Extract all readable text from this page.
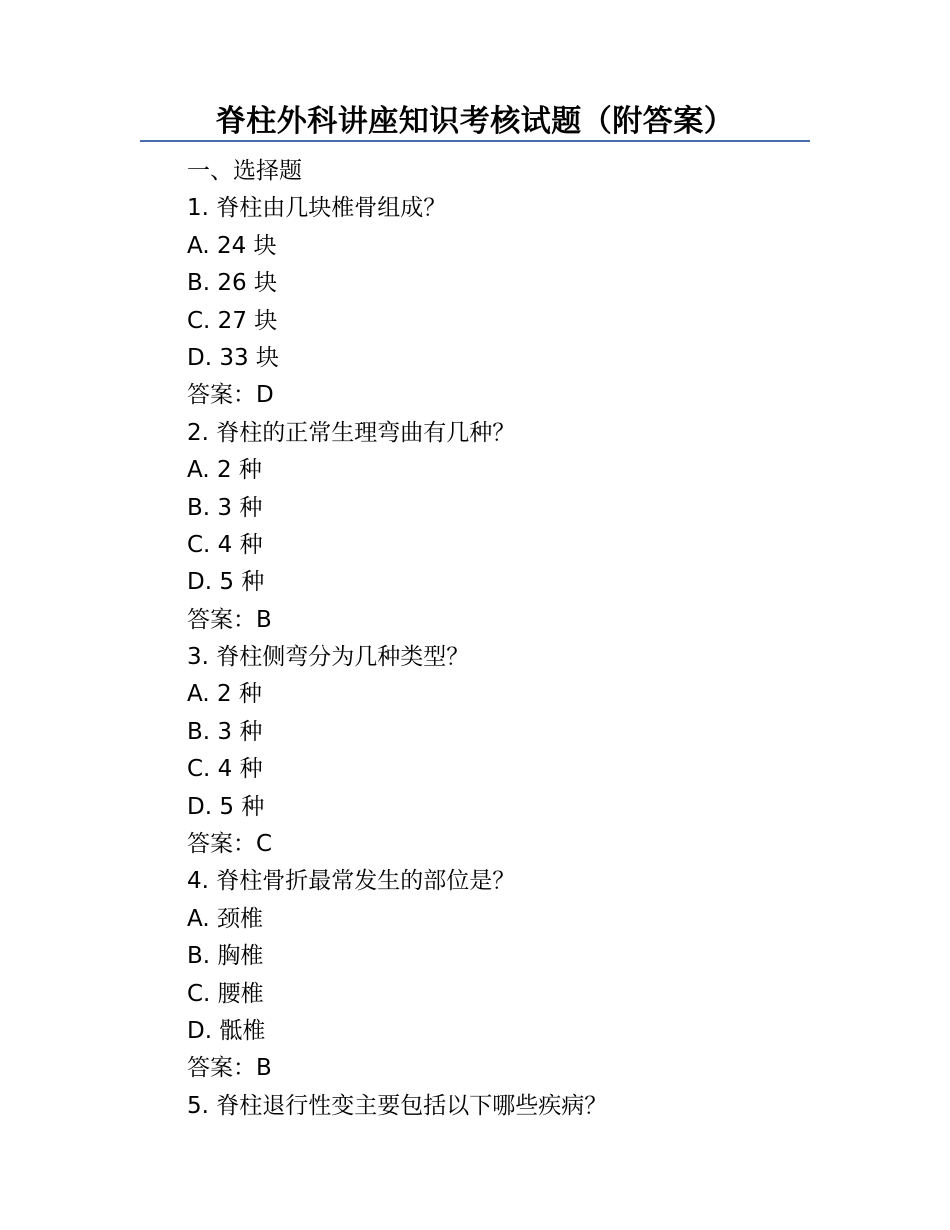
脊柱外科讲座知识考核试题（附答案）

一、选择题

1. 脊柱由几块椎骨组成？

A. 24 块

B. 26 块

C. 27 块

D. 33 块

答案：D

2. 脊柱的正常生理弯曲有几种？

A. 2 种

B. 3 种

C. 4 种

D. 5 种

答案：B

3. 脊柱侧弯分为几种类型？

A. 2 种

B. 3 种

C. 4 种

D. 5 种

答案：C

4. 脊柱骨折最常发生的部位是？

A. 颈椎

B. 胸椎

C. 腰椎

D. 骶椎

答案：B

5. 脊柱退行性变主要包括以下哪些疾病？
